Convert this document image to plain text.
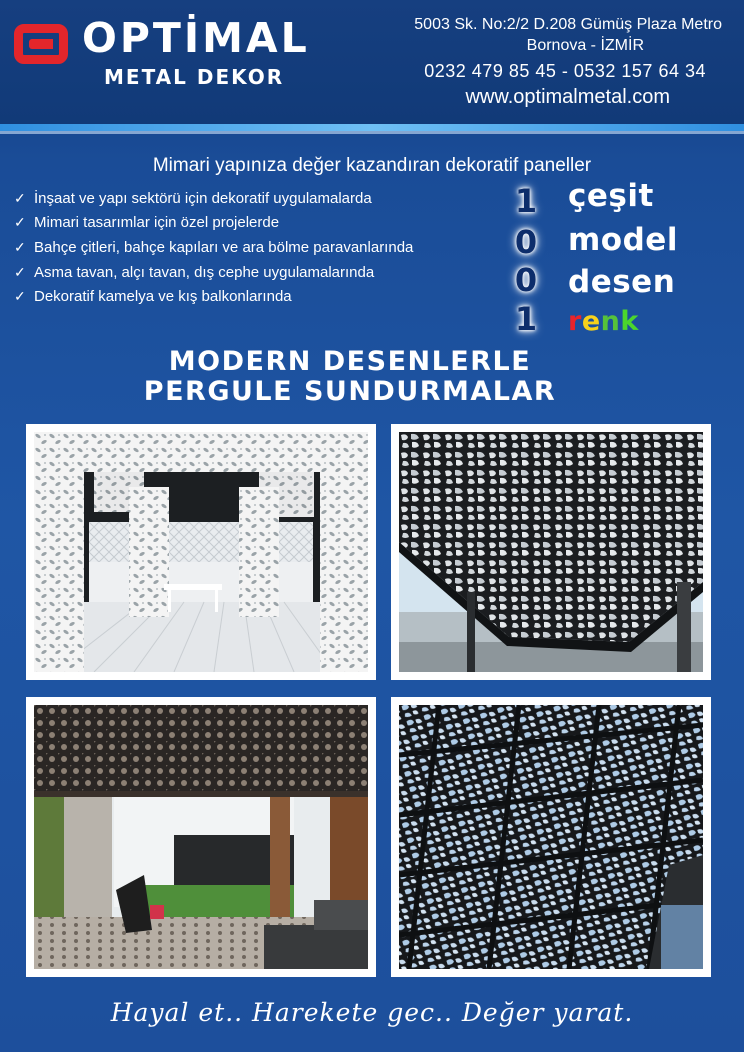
OPTİMAL
METAL DEKOR
5003 Sk. No:2/2 D.208 Gümüş Plaza Metro
Bornova - İZMİR
0232 479 85 45 - 0532 157 64 34
www.optimalmetal.com
Mimari yapınıza değer kazandıran dekoratif paneller
✓ İnşaat ve yapı sektörü için dekoratif uygulamalarda
✓ Mimari tasarımlar için özel projelerde
✓ Bahçe çitleri, bahçe kapıları ve ara bölme paravanlarında
✓ Asma tavan, alçı tavan, dış cephe uygulamalarında
✓ Dekoratif kamelya ve kış balkonlarında
1
0
0
1
çeşit
model
desen
renk
MODERN DESENLERLE
PERGULE SUNDURMALAR
Hayal et.. Harekete gec.. Değer yarat.
